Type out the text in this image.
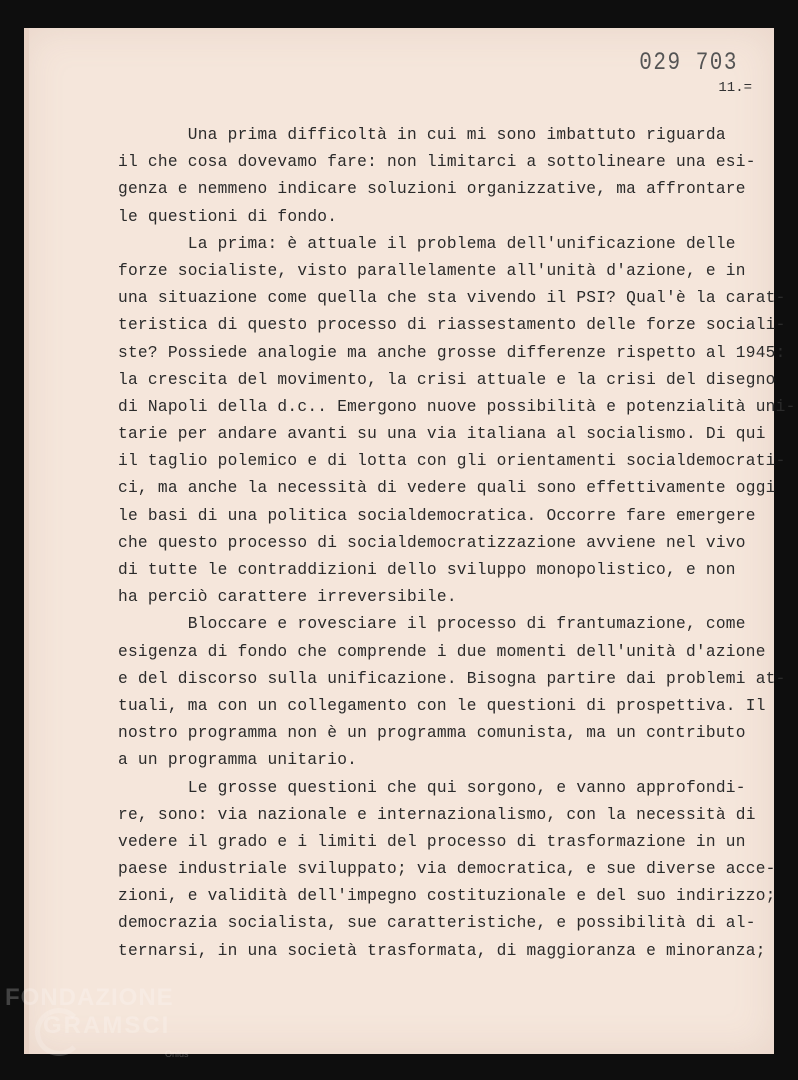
029 703
11.=
Una prima difficoltà in cui mi sono imbattuto riguarda
il che cosa dovevamo fare: non limitarci a sottolineare una esi-
genza e nemmeno indicare soluzioni organizzative, ma affrontare
le questioni di fondo.
La prima: è attuale il problema dell'unificazione delle
forze socialiste, visto parallelamente all'unità d'azione, e in
una situazione come quella che sta vivendo il PSI? Qual'è la carat-
teristica di questo processo di riassestamento delle forze sociali-
ste? Possiede analogie ma anche grosse differenze rispetto al 1945:
la crescita del movimento, la crisi attuale e la crisi del disegno
di Napoli della d.c.. Emergono nuove possibilità e potenzialità uni-
tarie per andare avanti su una via italiana al socialismo. Di qui
il taglio polemico e di lotta con gli orientamenti socialdemocrati-
ci, ma anche la necessità di vedere quali sono effettivamente oggi
le basi di una politica socialdemocratica. Occorre fare emergere
che questo processo di socialdemocratizzazione avviene nel vivo
di tutte le contraddizioni dello sviluppo monopolistico, e non
ha perciò carattere irreversibile.
Bloccare e rovesciare il processo di frantumazione, come
esigenza di fondo che comprende i due momenti dell'unità d'azione
e del discorso sulla unificazione. Bisogna partire dai problemi at-
tuali, ma con un collegamento con le questioni di prospettiva. Il
nostro programma non è un programma comunista, ma un contributo
a un programma unitario.
Le grosse questioni che qui sorgono, e vanno approfondi-
re, sono: via nazionale e internazionalismo, con la necessità di
vedere il grado e i limiti del processo di trasformazione in un
paese industriale sviluppato; via democratica, e sue diverse acce-
zioni, e validità dell'impegno costituzionale e del suo indirizzo;
democrazia socialista, sue caratteristiche, e possibilità di al-
ternarsi, in una società trasformata, di maggioranza e minoranza;
FONDAZIONE
GRAMSCI
Onlus
